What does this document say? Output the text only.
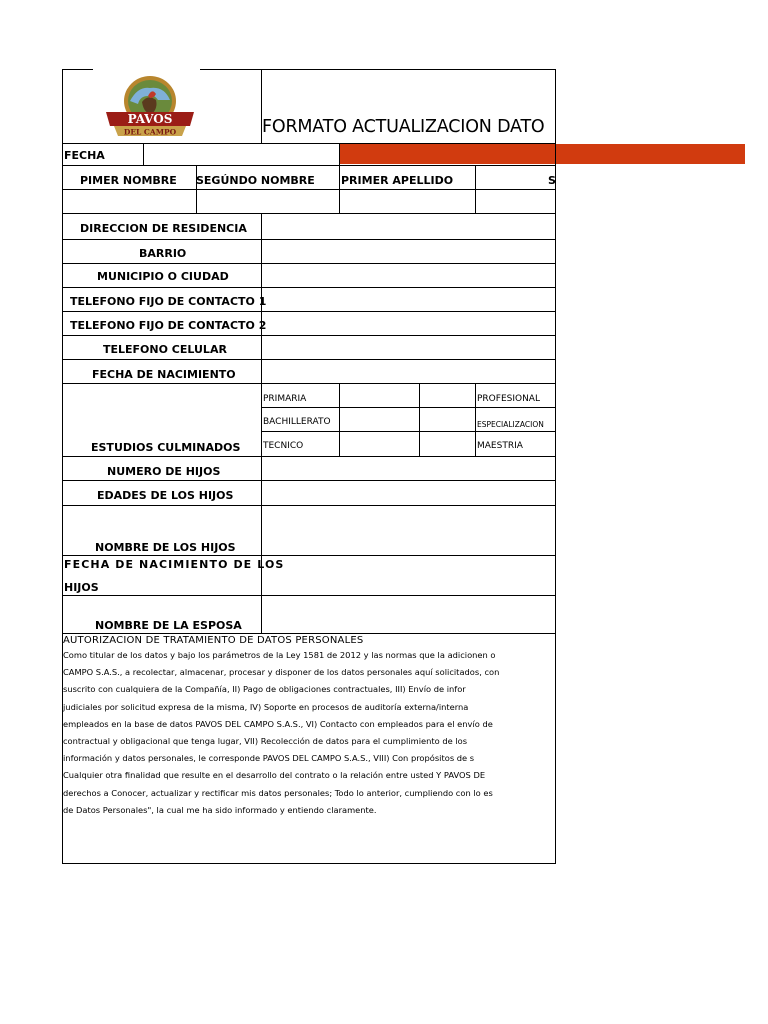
PAVOS
DEL CAMPO	FORMATO ACTUALIZACION DATO
FECHA
PIMER NOMBRE SEGÚNDO NOMBRE PRIMER APELLIDO	S
DIRECCION DE RESIDENCIA
BARRIO
MUNICIPIO O CIUDAD
TELEFONO FIJO DE CONTACTO 1
TELEFONO FIJO DE CONTACTO 2
TELEFONO CELULAR
FECHA DE NACIMIENTO
PRIMARIA
BACHILLERATO
TECNICO
PROFESIONAL
ESPECIALIZACION
MAESTRIA
ESTUDIOS CULMINADOS
NUMERO DE HIJOS
EDADES DE LOS HIJOS
NOMBRE DE LOS HIJOS
FECHA DE NACIMIENTO DE LOS
HIJOS
NOMBRE DE LA ESPOSA
AUTORIZACIÓN DE TRATAMIENTO DE DATOS PERSONALES
Como titular de los datos y bajo los parámetros de la Ley 1581 de 2012 y las normas que la adicionen o
CAMPO S.A.S., a recolectar, almacenar, procesar y disponer de los datos personales aquí solicitados, con
suscrito con cualquiera de la Compañía, II) Pago de obligaciones contractuales, III) Envío de infor
judiciales por solicitud expresa de la misma, IV) Soporte en procesos de auditoría externa/interna
empleados en la base de datos PAVOS DEL CAMPO S.A.S., VI) Contacto con empleados para el envío de
contractual y obligacional que tenga lugar, VII) Recolección de datos para el cumplimiento de los
información y datos personales, le corresponde PAVOS DEL CAMPO S.A.S., VIII) Con propósitos de s
Cualquier otra finalidad que resulte en el desarrollo del contrato o la relación entre usted Y PAVOS DE
derechos a Conocer, actualizar y rectificar mis datos personales; Todo lo anterior, cumpliendo con lo es
de Datos Personales", la cual me ha sido informado y entiendo claramente.
